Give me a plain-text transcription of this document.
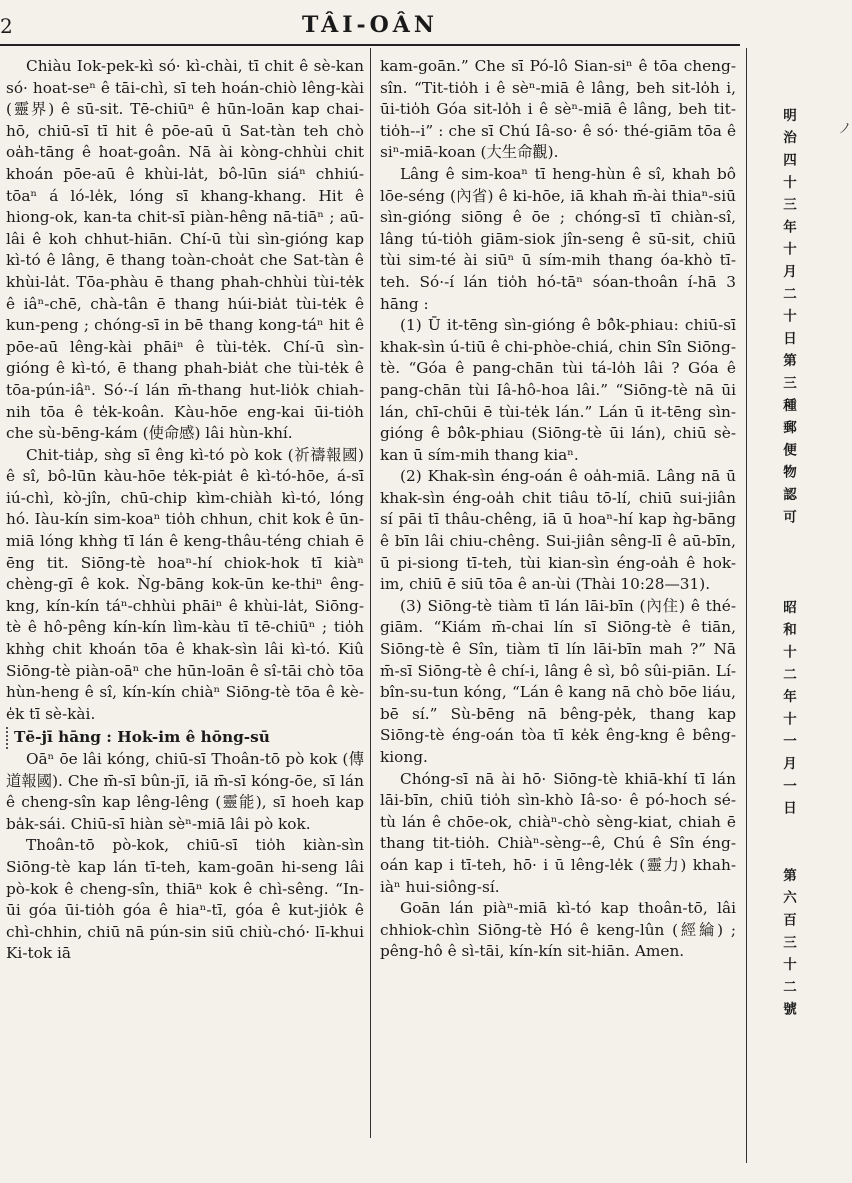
2	TÂI-OÂN

Chiàu Iok-pek-kì só· kì-chài, tī chit ê sè-kan só· hoat-seⁿ ê tāi-chì, sī teh hoán-chiò lêng-kài (靈界) ê sū-sit. Tē-chiūⁿ ê hūn-loān kap chai-hō, chiū-sī tī hit ê pōe-aū ū Sat-tàn teh chò oa̍h-tāng ê hoat-goân. Nā ài kòng-chhùi chit khoán pōe-aū ê khùi-la̍t, bô-lūn siáⁿ chhiú-tōaⁿ á ló-le̍k, lóng sī khang-khang. Hit ê hiong-ok, kan-ta chit-sī piàn-hêng nā-tiāⁿ ; aū-lâi ê koh chhut-hiān. Chí-ū tùi sìn-gióng kap kì-tó ê lâng, ē thang toàn-choa̍t che Sat-tàn ê khùi-la̍t. Tōa-phàu ē thang phah-chhùi tùi-te̍k ê iâⁿ-chē, chà-tân ē thang húi-bia̍t tùi-te̍k ê kun-peng ; chóng-sī in bē thang kong-táⁿ hit ê pōe-aū lêng-kài phāiⁿ ê tùi-te̍k. Chí-ū sìn-gióng ê kì-tó, ē thang phah-bia̍t che tùi-te̍k ê tōa-pún-iâⁿ. Só·-í lán m̄-thang hut-lio̍k chiah-nih tōa ê te̍k-koân. Kàu-hōe eng-kai ūi-tio̍h che sù-bēng-kám (使命感) lâi hùn-khí.

Chit-tia̍p, sǹg sī êng kì-tó pò kok (祈禱報國) ê sî, bô-lūn kàu-hōe te̍k-pia̍t ê kì-tó-hōe, á-sī iú-chì, kò-jîn, chū-chip kìm-chiàh kì-tó, lóng hó. Iàu-kín sim-koaⁿ tio̍h chhun, chit kok ê ūn-miā lóng khǹg tī lán ê keng-thâu-téng chiah ē ēng tit. Siōng-tè hoaⁿ-hí chiok-hok tī kiàⁿ chèng-gī ê kok. Ǹg-bāng kok-ūn ke-thiⁿ êng-kng, kín-kín táⁿ-chhùi phāiⁿ ê khùi-la̍t, Siōng-tè ê hô-pêng kín-kín lìm-kàu tī tē-chiūⁿ ; tio̍h khǹg chit khoán tōa ê khak-sìn lâi kì-tó. Kiû Siōng-tè piàn-oāⁿ che hūn-loān ê sî-tāi chò tōa hùn-heng ê sî, kín-kín chiàⁿ Siōng-tè tōa ê kè-e̍k tī sè-kài.

Tē-jī hāng : Hok-im ê hōng-sū

Oāⁿ ōe lâi kóng, chiū-sī Thoân-tō pò kok (傳道報國). Che m̄-sī bûn-jī, iā m̄-sī kóng-ōe, sī lán ê cheng-sîn kap lêng-lêng (靈能), sī hoeh kap ba̍k-sái. Chiū-sī hiàn sèⁿ-miā lâi pò kok.

Thoân-tō pò-kok, chiū-sī tio̍h kiàn-sìn Siōng-tè kap lán tī-teh, kam-goān hi-seng lâi pò-kok ê cheng-sîn, thiāⁿ kok ê chì-sêng. “In-ūi góa ūi-tio̍h góa ê hiaⁿ-tī, góa ê kut-jio̍k ê chì-chhin, chiū nā pún-sin siū chiù-chó· lī-khui Ki-tok iā

kam-goān.” Che sī Pó-lô Sian-siⁿ ê tōa cheng-sîn. “Tit-tio̍h i ê sèⁿ-miā ê lâng, beh sit-lo̍h i, ūi-tio̍h Góa sit-lo̍h i ê sèⁿ-miā ê lâng, beh tit-tio̍h--i” : che sī Chú Iâ-so· ê só· thé-giām tōa ê siⁿ-miā-koan (大生命觀).

Lâng ê sim-koaⁿ tī heng-hùn ê sî, khah bô lōe-séng (內省) ê ki-hōe, iā khah m̄-ài thiaⁿ-siū sìn-gióng siōng ê ōe ; chóng-sī tī chiàn-sî, lâng tú-tio̍h giām-siok jîn-seng ê sū-sit, chiū tùi sim-té ài siūⁿ ū sím-mih thang óa-khò tī-teh. Só·-í lán tio̍h hó-tāⁿ sóan-thoân í-hā 3 hāng :

(1) Ū it-tēng sìn-gióng ê bô̍k-phiau: chiū-sī khak-sìn ú-tiū ê chi-phòe-chiá, chin Sîn Siōng-tè. “Góa ê pang-chān tùi tá-lo̍h lâi ? Góa ê pang-chān tùi Iâ-hô-hoa lâi.” “Siōng-tè nā ūi lán, chī-chūi ē tùi-te̍k lán.” Lán ū it-tēng sìn-gióng ê bô̍k-phiau (Siōng-tè ūi lán), chiū sè-kan ū sím-mih thang kiaⁿ.

(2) Khak-sìn éng-oán ê oa̍h-miā. Lâng nā ū khak-sìn éng-oa̍h chit tiâu tō-lí, chiū sui-jiân sí pāi tī thâu-chêng, iā ū hoaⁿ-hí kap ǹg-bāng ê bīn lâi chiu-chêng. Sui-jiân sêng-lī ê aū-bīn, ū pi-siong tī-teh, tùi kian-sìn éng-oa̍h ê hok-im, chiū ē siū tōa ê an-ùi (Thài 10:28—31).

(3) Siōng-tè tiàm tī lán lāi-bīn (內住) ê thé-giām. “Kiám m̄-chai lín sī Siōng-tè ê tiān, Siōng-tè ê Sîn, tiàm tī lín lāi-bīn mah ?” Nā m̄-sī Siōng-tè ê chí-i, lâng ê sì, bô sûi-piān. Lí-bîn-su-tun kóng, “Lán ê kang nā chò bōe liáu, bē sí.” Sù-bēng nā bêng-pe̍k, thang kap Siōng-tè éng-oán tòa tī ke̍k êng-kng ê bêng-kiong.

Chóng-sī nā ài hō· Siōng-tè khiā-khí tī lán lāi-bīn, chiū tio̍h sìn-khò Iâ-so· ê pó-hoch sé-tù lán ê chōe-ok, chiàⁿ-chò sèng-kiat, chiah ē thang tit-tio̍h. Chiàⁿ-sèng--ê, Chú ê Sîn éng-oán kap i tī-teh, hō· i ū lêng-le̍k (靈力) khah-iàⁿ hui-siông-sí.

Goān lán piàⁿ-miā kì-tó kap thoân-tō, lâi chhiok-chìn Siōng-tè Hó ê keng-lûn (經綸) ; pêng-hô ê sì-tāi, kín-kín sit-hiān. Amen.

明治四十三年十月二十日第三種郵便物認可
昭和十二年十一月一日
第六百三十二號
ノ
